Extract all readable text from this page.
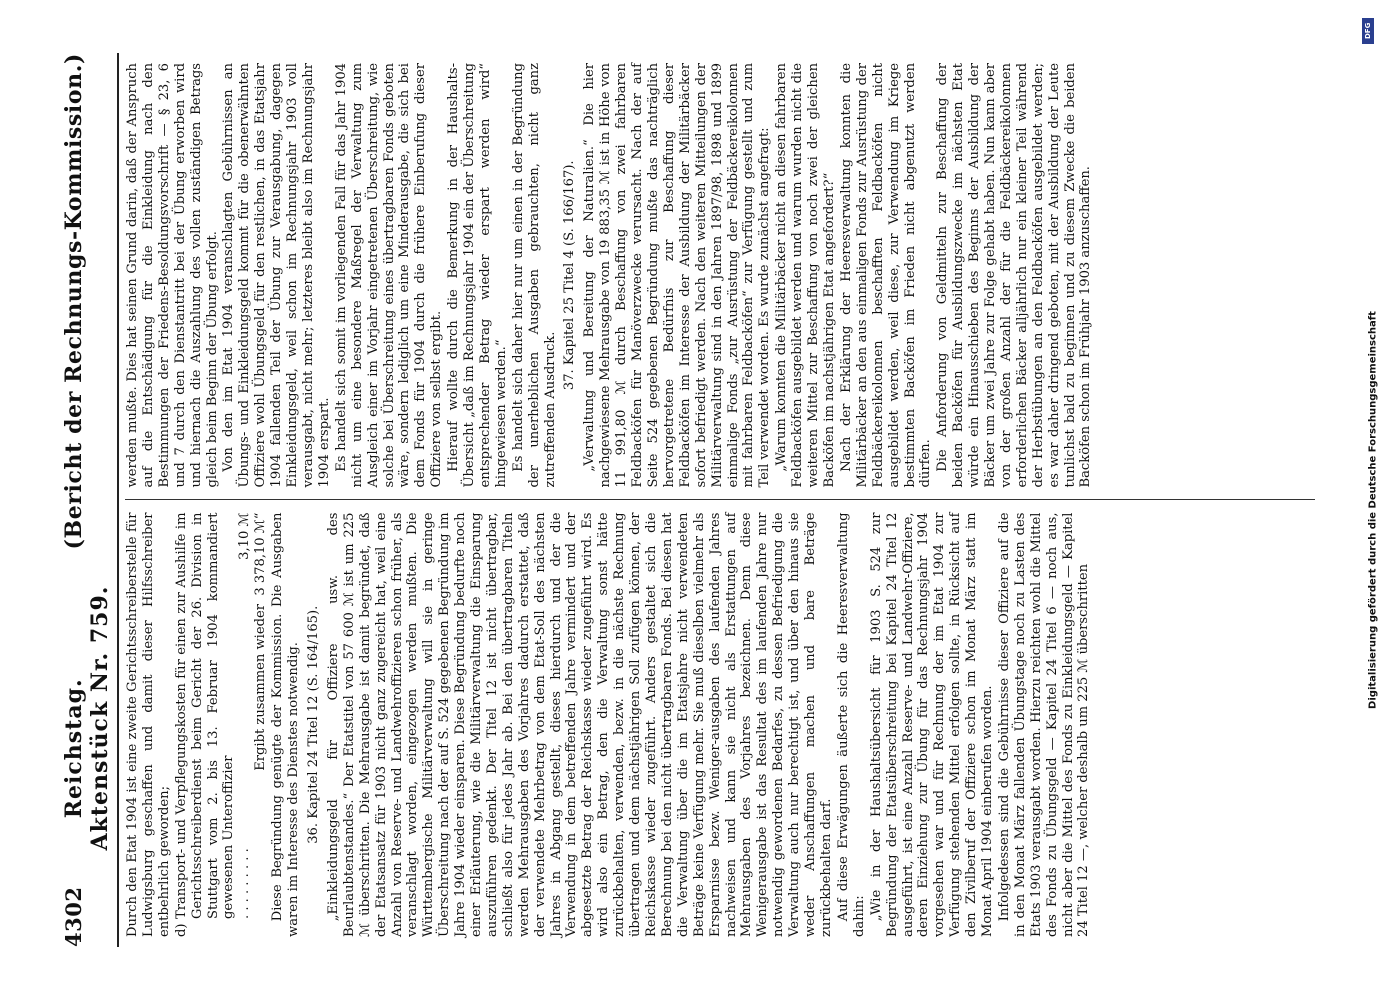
4302
Reichstag.        Aktenstück Nr. 759.
(Bericht der Rechnungs-Kommission.)

Durch den Etat 1904 ist eine zweite Gerichtsschreiberstelle für Ludwigsburg geschaffen und damit dieser Hilfsschreiber entbehrlich geworden; d)
Transport- und Verpflegungskosten für einen zur Aushilfe im Gerichtsschreiberdienst beim Gericht der 26. Division in Stuttgart vom 2. bis 13. Februar 1904 kommandiert gewesenen Unteroffizier . . . . . . . . .
3,10 ℳ

Ergibt zusammen wieder  3 378,10 ℳ“ Diese Begründung genügte der Kommission. Die Ausgaben waren im Interesse des Dienstes notwendig. 36. Kapitel 24 Titel 12 (S. 164/165). „Einkleidungsgeld für Offiziere usw. des Beurlaubtenstandes.“ Der Etatstitel von 57 600 ℳ ist um 225 ℳ überschritten. Die Mehrausgabe ist damit begründet, daß der Etatsansatz für 1903 nicht ganz zugereicht hat, weil eine Anzahl von Reserve- und Landwehroffizieren schon früher, als veranschlagt worden, eingezogen werden mußten. Die Württembergische Militärverwaltung will sie in geringe Überschreitung nach der auf S. 524 gegebenen Begründung im Jahre 1904 wieder einsparen. Diese Begründung bedurfte noch einer Erläuterung, wie die Militärverwaltung die Einsparung auszuführen gedenkt. Der Titel 12 ist nicht übertragbar, schließt also für jedes Jahr ab. Bei den übertragbaren Titeln werden Mehrausgaben des Vorjahres dadurch erstattet, daß der verwendete Mehrbetrag von dem Etat-Soll des nächsten Jahres in Abgang gestellt, dieses hierdurch und der die Verwendung in dem betreffenden Jahre vermindert und der abgesetzte Betrag der Reichskasse wieder zugeführt wird. Es wird also ein Betrag, den die Verwaltung sonst hätte zurückbehalten, verwenden, bezw. in die nächste Rechnung übertragen und dem nächstjährigen Soll zufügen können, der Reichskasse wieder zugeführt. Anders gestaltet sich die Berechnung bei den nicht übertragbaren Fonds. Bei diesen hat die Verwaltung über die im Etatsjahre nicht verwendeten Beträge keine Verfügung mehr. Sie muß dieselben vielmehr als Ersparnisse bezw. Weniger-ausgaben des laufenden Jahres nachweisen und kann sie nicht als Erstattungen auf Mehrausgaben des Vorjahres bezeichnen. Denn diese Wenigerausgabe ist das Resultat des im laufenden Jahre nur notwendig gewordenen Bedarfes, zu dessen Befriedigung die Verwaltung auch nur berechtigt ist, und über den hinaus sie weder Anschaffungen machen und bare Beträge zurückbehalten darf. Auf diese Erwägungen äußerte sich die Heeresverwaltung dahin: „Wie in der Haushaltsübersicht für 1903 S. 524 zur Begründung der Etatsüberschreitung bei Kapitel 24 Titel 12 ausgeführt, ist eine Anzahl Reserve- und Landwehr-Offiziere, deren Einziehung zur Übung für das Rechnungsjahr 1904 vorgesehen war und für Rechnung der im Etat 1904 zur Verfügung stehenden Mittel erfolgen sollte, in Rücksicht auf den Zivilberuf der Offiziere schon im Monat März statt im Monat April 1904 einberufen worden. Infolgedessen sind die Gebührnisse dieser Offiziere auf die in den Monat März fallenden Übungstage noch zu Lasten des Etats 1903 verausgabt worden. Hierzu reichten wohl die Mittel des Fonds zu Übungsgeld — Kapitel 24 Titel 6 — noch aus, nicht aber die Mittel des Fonds zu Einkleidungsgeld — Kapitel 24 Titel 12 —, welcher deshalb um 225 ℳ überschritten

werden mußte. Dies hat seinen Grund darin, daß der Anspruch auf die Entschädigung für die Einkleidung nach den Bestimmungen der Friedens-Besoldungsvorschrift — § 23, 6 und 7 durch den Dienstantritt bei der Übung erworben wird und hiernach die Auszahlung des vollen zuständigen Betrags gleich beim Beginn der Übung erfolgt. Von den im Etat 1904 veranschlagten Gebührnissen an Übungs- und Einkleidungsgeld kommt für die obenerwähnten Offiziere wohl Übungsgeld für den restlichen, in das Etatsjahr 1904 fallenden Teil der Übung zur Verausgabung, dagegen Einkleidungsgeld, weil schon im Rechnungsjahr 1903 voll verausgabt, nicht mehr; letzteres bleibt also im Rechnungsjahr 1904 erspart. Es handelt sich somit im vorliegenden Fall für das Jahr 1904 nicht um eine besondere Maßregel der Verwaltung zum Ausgleich einer im Vorjahr eingetretenen Überschreitung, wie solche bei Überschreitung eines übertragbaren Fonds geboten wäre, sondern lediglich um eine Minderausgabe, die sich bei dem Fonds für 1904 durch die frühere Einberufung dieser Offiziere von selbst ergibt. Hierauf wollte durch die Bemerkung in der Haushalts-Übersicht „daß im Rechnungsjahr 1904 ein der Überschreitung entsprechender Betrag wieder erspart werden wird“ hingewiesen werden.“ Es handelt sich daher hier nur um einen in der Begründung der unerheblichen Ausgaben gebrauchten, nicht ganz zutreffenden Ausdruck.

37. Kapitel 25 Titel 4 (S. 166/167). „Verwaltung und Bereitung der Naturalien.“ Die hier nachgewiesene Mehrausgabe von 19 883,35 ℳ ist in Höhe von 11 991,80 ℳ durch Beschaffung von zwei fahrbaren Feldbacköfen für Manöverzwecke verursacht. Nach der auf Seite 524 gegebenen Begründung mußte das nachträglich hervorgetretene Bedürfnis zur Beschaffung dieser Feldbacköfen im Interesse der Ausbildung der Militärbäcker sofort befriedigt werden. Nach den weiteren Mitteilungen der Militärverwaltung sind in den Jahren 1897/98, 1898 und 1899 einmalige Fonds „zur Ausrüstung der Feldbäckereikolonnen mit fahrbaren Feldbacköfen“ zur Verfügung gestellt und zum Teil verwendet worden. Es wurde zunächst angefragt: „Warum konnten die Militärbäcker nicht an diesen fahrbaren Feldbacköfen ausgebildet werden und warum wurden nicht die weiteren Mittel zur Beschaffung von noch zwei der gleichen Backöfen im nachstjährigen Etat angefordert?“ Nach der Erklärung der Heeresverwaltung konnten die Militärbäcker an den aus einmaligen Fonds zur Ausrüstung der Feldbäckereikolonnen beschafften Feldbacköfen nicht ausgebildet werden, weil diese, zur Verwendung im Kriege bestimmten Backöfen im Frieden nicht abgenutzt werden dürfen. Die Anforderung von Geldmitteln zur Beschaffung der beiden Backöfen für Ausbildungszwecke im nächsten Etat würde ein Hinausschieben des Beginns der Ausbildung der Bäcker um zwei Jahre zur Folge gehabt haben. Nun kann aber von der großen Anzahl der für die Feldbäckereikolonnen erforderlichen Bäcker alljährlich nur ein kleiner Teil während der Herbstübungen an den Feldbacköfen ausgebildet werden; es war daher dringend geboten, mit der Ausbildung der Leute tunlichst bald zu beginnen und zu diesem Zwecke die beiden Backöfen schon im Frühjahr 1903 anzuschaffen.

DFG
Digitalisierung gefördert durch die Deutsche Forschungsgemeinschaft
